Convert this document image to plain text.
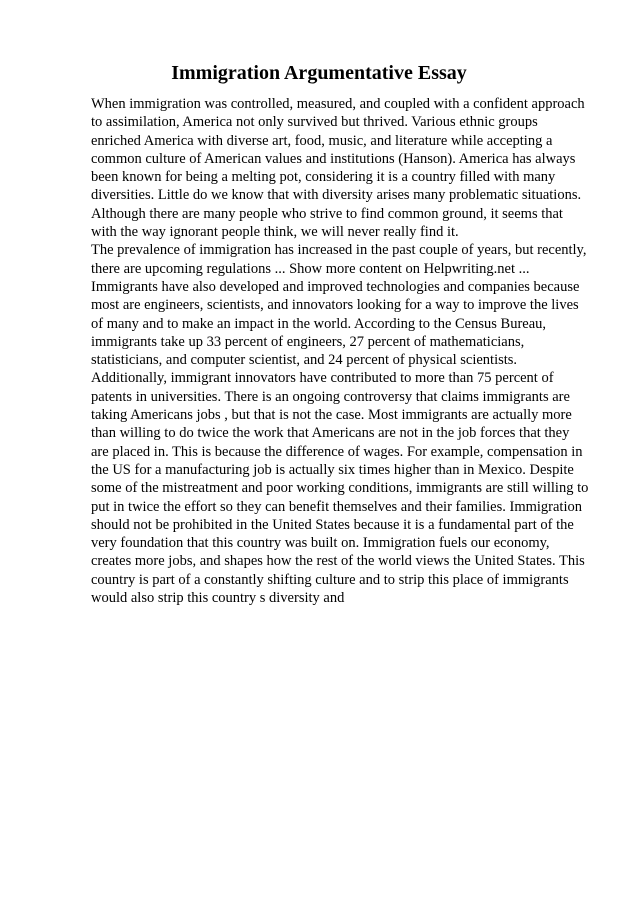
Immigration Argumentative Essay
When immigration was controlled, measured, and coupled with a confident approach
to assimilation, America not only survived but thrived. Various ethnic groups
enriched America with diverse art, food, music, and literature while accepting a
common culture of American values and institutions (Hanson). America has always
been known for being a melting pot, considering it is a country filled with many
diversities. Little do we know that with diversity arises many problematic situations.
Although there are many people who strive to find common ground, it seems that
with the way ignorant people think, we will never really find it.
The prevalence of immigration has increased in the past couple of years, but recently,
there are upcoming regulations ... Show more content on Helpwriting.net ...
Immigrants have also developed and improved technologies and companies because
most are engineers, scientists, and innovators looking for a way to improve the lives
of many and to make an impact in the world. According to the Census Bureau,
immigrants take up 33 percent of engineers, 27 percent of mathematicians,
statisticians, and computer scientist, and 24 percent of physical scientists.
Additionally, immigrant innovators have contributed to more than 75 percent of
patents in universities. There is an ongoing controversy that claims immigrants are
taking Americans jobs , but that is not the case. Most immigrants are actually more
than willing to do twice the work that Americans are not in the job forces that they
are placed in. This is because the difference of wages. For example, compensation in
the US for a manufacturing job is actually six times higher than in Mexico. Despite
some of the mistreatment and poor working conditions, immigrants are still willing to
put in twice the effort so they can benefit themselves and their families. Immigration
should not be prohibited in the United States because it is a fundamental part of the
very foundation that this country was built on. Immigration fuels our economy,
creates more jobs, and shapes how the rest of the world views the United States. This
country is part of a constantly shifting culture and to strip this place of immigrants
would also strip this country s diversity and
